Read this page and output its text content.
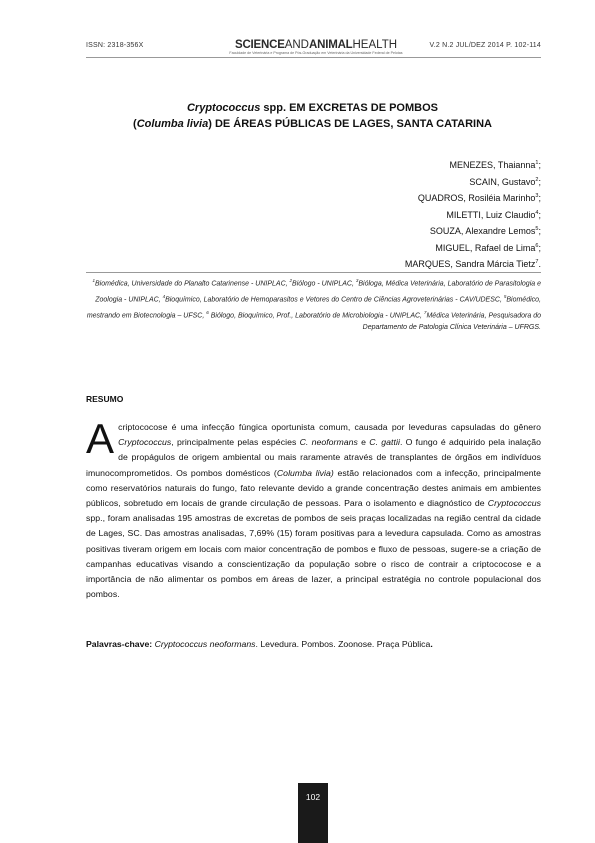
ISSN: 2318-356X	SCIENCEANDANIMALHEALTH
Faculdade de Veterinária e Programa de Pós-Graduação em Veterinária da Universidade Federal de Pelotas
V.2 N.2 JUL/DEZ 2014 P. 102-114
Cryptococcus spp. EM EXCRETAS DE POMBOS
(Columba livia) DE ÁREAS PÚBLICAS DE LAGES, SANTA CATARINA
MENEZES, Thaianna$^1$;
SCAIN, Gustavo$^2$;
QUADROS, Rosiléia Marinho$^3$;
MILETTI, Luiz Claudio$^4$;
SOUZA, Alexandre Lemos$^5$;
MIGUEL, Rafael de Lima$^6$;
MARQUES, Sandra Márcia Tietz$^7$.
$^1$Biomédica, Universidade do Planalto Catarinense - UNIPLAC, $^2$Biólogo - UNIPLAC, $^3$Bióloga, Médica Veterinária, Laboratório de Parasitologia e Zoologia - UNIPLAC, $^4$Bioquímico, Laboratório de Hemoparasitos e Vetores do Centro de Ciências Agroveterinárias - CAV/UDESC, $^5$Biomédico, mestrando em Biotecnologia – UFSC, $^6$ Biólogo, Bioquímico, Prof., Laboratório de Microbiologia - UNIPLAC, $^7$Médica Veterinária, Pesquisadora do Departamento de Patologia Clínica Veterinária – UFRGS.
RESUMO
A criptococose é uma infecção fúngica oportunista comum, causada por leveduras capsuladas do gênero Cryptococcus, principalmente pelas espécies C. neoformans e C. gattii. O fungo é adquirido pela inalação de propágulos de origem ambiental ou mais raramente através de transplantes de órgãos em indivíduos imunocomprometidos. Os pombos domésticos (Columba livia) estão relacionados com a infecção, principalmente como reservatórios naturais do fungo, fato relevante devido a grande concentração destes animais em ambientes públicos, sobretudo em locais de grande circulação de pessoas. Para o isolamento e diagnóstico de Cryptococcus spp., foram analisadas 195 amostras de excretas de pombos de seis praças localizadas na região central da cidade de Lages, SC. Das amostras analisadas, 7,69% (15) foram positivas para a levedura capsulada. Como as amostras positivas tiveram origem em locais com maior concentração de pombos e fluxo de pessoas, sugere-se a criação de campanhas educativas visando a conscientização da população sobre o risco de contrair a criptococose e a importância de não alimentar os pombos em áreas de lazer, a principal estratégia no controle populacional dos pombos.
Palavras-chave: Cryptococcus neoformans. Levedura. Pombos. Zoonose. Praça Pública.
102
